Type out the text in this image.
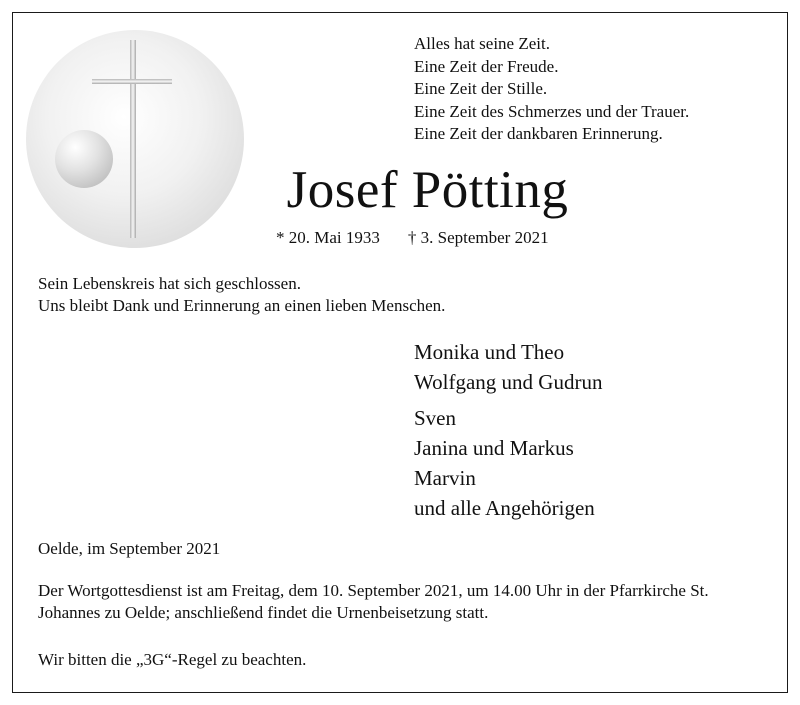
Alles hat seine Zeit.
Eine Zeit der Freude.
Eine Zeit der Stille.
Eine Zeit des Schmerzes und der Trauer.
Eine Zeit der dankbaren Erinnerung.
Josef Pötting
* 20. Mai 1933 † 3. September 2021
Sein Lebenskreis hat sich geschlossen.
Uns bleibt Dank und Erinnerung an einen lieben Menschen.
Monika und Theo
Wolfgang und Gudrun
Sven
Janina und Markus
Marvin
und alle Angehörigen
Oelde, im September 2021
Der Wortgottesdienst ist am Freitag, dem 10. September 2021, um 14.00 Uhr in der Pfarrkirche St. Johannes zu Oelde; anschließend findet die Urnenbeisetzung statt.
Wir bitten die „3G“-Regel zu beachten.
